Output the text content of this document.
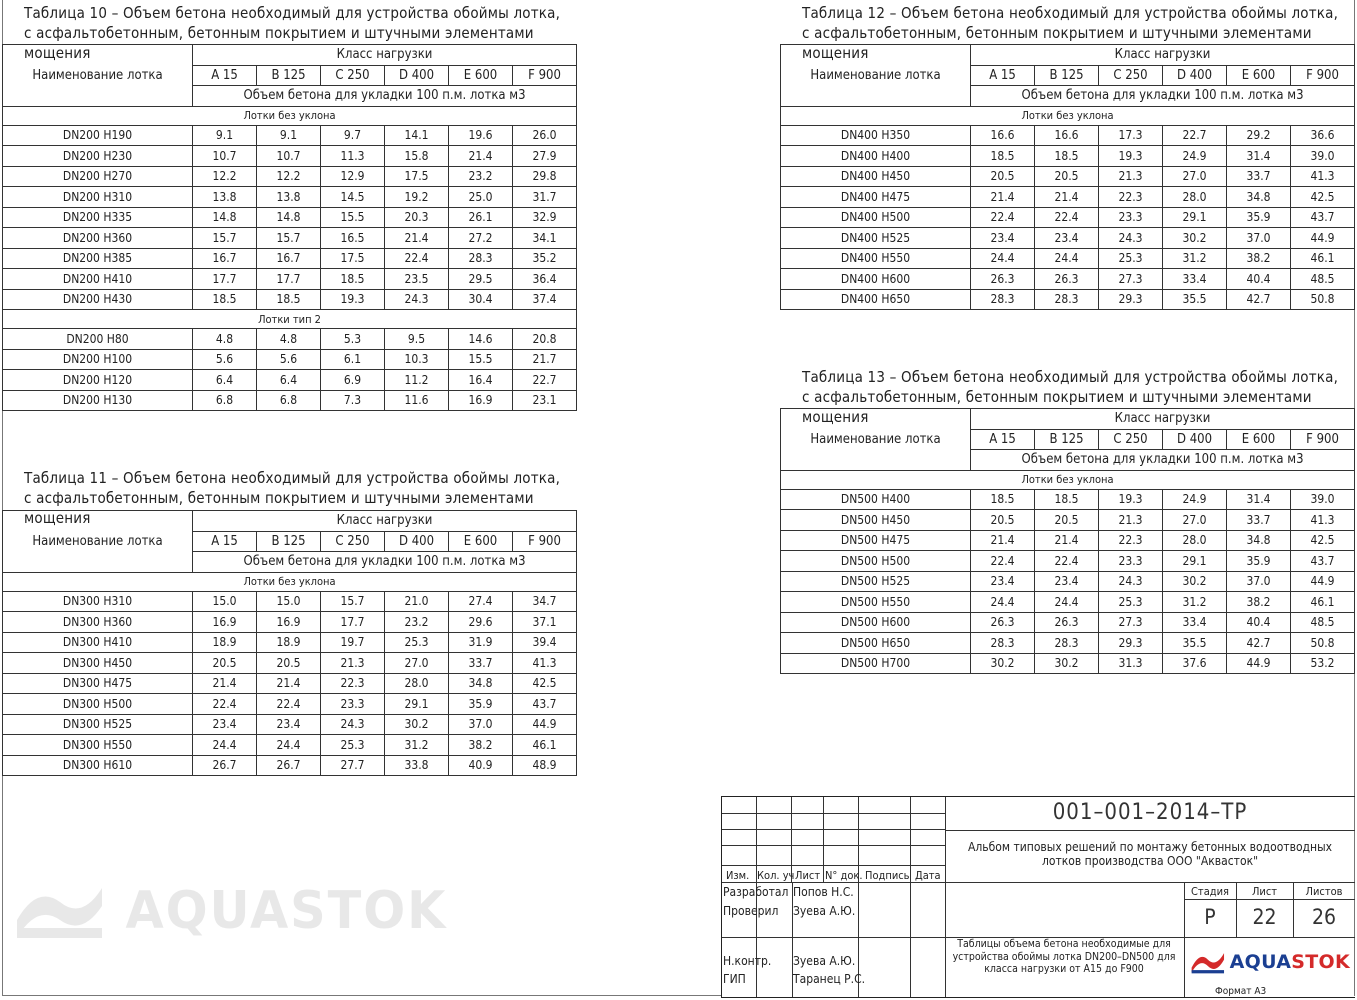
Таблица 10 – Объем бетона необходимый для устройства обоймы лотка, с асфальтобетонным, бетонным покрытием и штучными элементами мощения
Наименование лотка	Класс нагрузки					
	A 15	B 125	C 250	D 400	E 600	F 900
	Объем бетона для укладки 100 п.м. лотка м3					
Лотки без уклона						
DN200 H190	9.1	9.1	9.7	14.1	19.6	26.0
DN200 H230	10.7	10.7	11.3	15.8	21.4	27.9
DN200 H270	12.2	12.2	12.9	17.5	23.2	29.8
DN200 H310	13.8	13.8	14.5	19.2	25.0	31.7
DN200 H335	14.8	14.8	15.5	20.3	26.1	32.9
DN200 H360	15.7	15.7	16.5	21.4	27.2	34.1
DN200 H385	16.7	16.7	17.5	22.4	28.3	35.2
DN200 H410	17.7	17.7	18.5	23.5	29.5	36.4
DN200 H430	18.5	18.5	19.3	24.3	30.4	37.4
Лотки тип 2						
DN200 H80	4.8	4.8	5.3	9.5	14.6	20.8
DN200 H100	5.6	5.6	6.1	10.3	15.5	21.7
DN200 H120	6.4	6.4	6.9	11.2	16.4	22.7
DN200 H130	6.8	6.8	7.3	11.6	16.9	23.1
Таблица 11 – Объем бетона необходимый для устройства обоймы лотка, с асфальтобетонным, бетонным покрытием и штучными элементами мощения
Наименование лотка	Класс нагрузки					
	A 15	B 125	C 250	D 400	E 600	F 900
	Объем бетона для укладки 100 п.м. лотка м3					
Лотки без уклона						
DN300 H310	15.0	15.0	15.7	21.0	27.4	34.7
DN300 H360	16.9	16.9	17.7	23.2	29.6	37.1
DN300 H410	18.9	18.9	19.7	25.3	31.9	39.4
DN300 H450	20.5	20.5	21.3	27.0	33.7	41.3
DN300 H475	21.4	21.4	22.3	28.0	34.8	42.5
DN300 H500	22.4	22.4	23.3	29.1	35.9	43.7
DN300 H525	23.4	23.4	24.3	30.2	37.0	44.9
DN300 H550	24.4	24.4	25.3	31.2	38.2	46.1
DN300 H610	26.7	26.7	27.7	33.8	40.9	48.9
Таблица 12 – Объем бетона необходимый для устройства обоймы лотка, с асфальтобетонным, бетонным покрытием и штучными элементами мощения
Наименование лотка	Класс нагрузки					
	A 15	B 125	C 250	D 400	E 600	F 900
	Объем бетона для укладки 100 п.м. лотка м3					
Лотки без уклона						
DN400 H350	16.6	16.6	17.3	22.7	29.2	36.6
DN400 H400	18.5	18.5	19.3	24.9	31.4	39.0
DN400 H450	20.5	20.5	21.3	27.0	33.7	41.3
DN400 H475	21.4	21.4	22.3	28.0	34.8	42.5
DN400 H500	22.4	22.4	23.3	29.1	35.9	43.7
DN400 H525	23.4	23.4	24.3	30.2	37.0	44.9
DN400 H550	24.4	24.4	25.3	31.2	38.2	46.1
DN400 H600	26.3	26.3	27.3	33.4	40.4	48.5
DN400 H650	28.3	28.3	29.3	35.5	42.7	50.8
Таблица 13 – Объем бетона необходимый для устройства обоймы лотка, с асфальтобетонным, бетонным покрытием и штучными элементами мощения
Наименование лотка	Класс нагрузки					
	A 15	B 125	C 250	D 400	E 600	F 900
	Объем бетона для укладки 100 п.м. лотка м3					
Лотки без уклона						
DN500 H400	18.5	18.5	19.3	24.9	31.4	39.0
DN500 H450	20.5	20.5	21.3	27.0	33.7	41.3
DN500 H475	21.4	21.4	22.3	28.0	34.8	42.5
DN500 H500	22.4	22.4	23.3	29.1	35.9	43.7
DN500 H525	23.4	23.4	24.3	30.2	37.0	44.9
DN500 H550	24.4	24.4	25.3	31.2	38.2	46.1
DN500 H600	26.3	26.3	27.3	33.4	40.4	48.5
DN500 H650	28.3	28.3	29.3	35.5	42.7	50.8
DN500 H700	30.2	30.2	31.3	37.6	44.9	53.2
AQUASTOK
Изм. Кол. уч Лист N° док. Подпись Дата
Разработал Попов Н.С.
Проверил Зуева А.Ю.
Н.контр. Зуева А.Ю.
ГИП	Таранец Р.С.
Стадия	Лист	Листов
Р	22	26
001–001–2014–ТР
Альбом типовых решений по монтажу бетонных водоотводных лотков производства ООО "Аквасток"
Таблицы объема бетона необходимые для устройства обоймы лотка DN200–DN500 для класса нагрузки от А15 до F900	AQUASTOK
Формат А3
